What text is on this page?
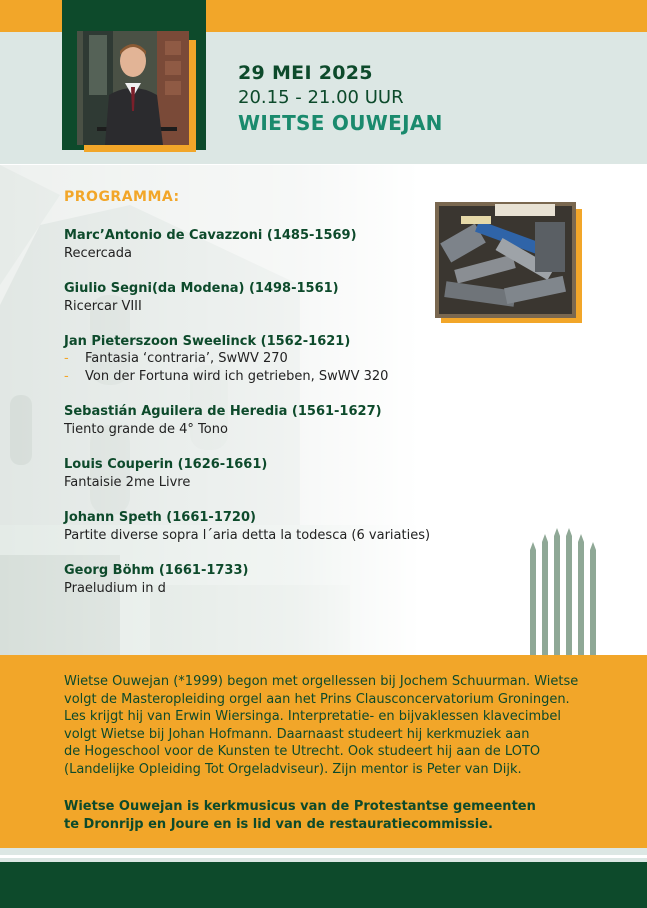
29 MEI 2025
20.15 - 21.00 UUR
WIETSE OUWEJAN
PROGRAMMA:
Marc’Antonio de Cavazzoni (1485-1569)
Recercada
Giulio Segni(da Modena) (1498-1561)
Ricercar VIII
Jan Pieterszoon Sweelinck (1562-1621)
- Fantasia ‘contraria’, SwWV 270
- Von der Fortuna wird ich getrieben, SwWV 320
Sebastián Aguilera de Heredia (1561-1627)
Tiento grande de 4° Tono
Louis Couperin (1626-1661)
Fantaisie 2me Livre
Johann Speth (1661-1720)
Partite diverse sopra l´aria detta la todesca (6 variaties)
Georg Böhm (1661-1733)
Praeludium in d
Wietse Ouwejan (*1999) begon met orgellessen bij Jochem Schuurman. Wietse
volgt de Masteropleiding orgel aan het Prins Clausconcervatorium Groningen.
Les krijgt hij van Erwin Wiersinga. Interpretatie- en bijvaklessen klavecimbel
volgt Wietse bij Johan Hofmann. Daarnaast studeert hij kerkmuziek aan
de Hogeschool voor de Kunsten te Utrecht. Ook studeert hij aan de LOTO
(Landelijke Opleiding Tot Orgeladviseur). Zijn mentor is Peter van Dijk.
Wietse Ouwejan is kerkmusicus van de Protestantse gemeenten
te Dronrijp en Joure en is lid van de restauratiecommissie.
